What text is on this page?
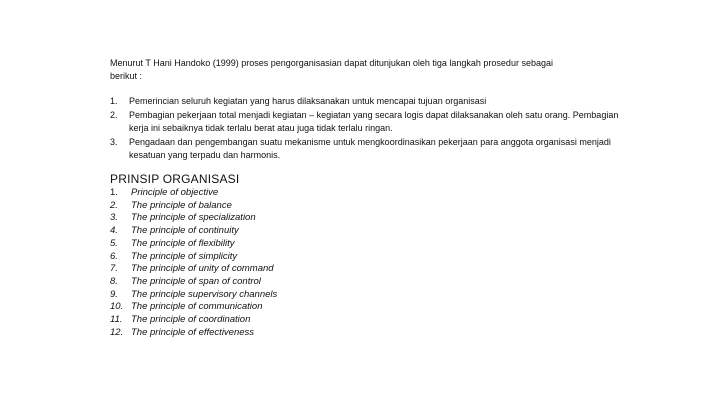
Menurut T Hani Handoko (1999) proses pengorganisasian dapat ditunjukan oleh tiga langkah prosedur sebagai
berikut :

1.	Pemerincian seluruh kegiatan yang harus dilaksanakan untuk mencapai tujuan organisasi
2.	Pembagian pekerjaan total menjadi kegiatan – kegiatan yang secara logis dapat dilaksanakan oleh satu orang. Pembagian kerja ini sebaiknya tidak terlalu berat atau juga tidak terlalu ringan.
3.	Pengadaan dan pengembangan suatu mekanisme untuk mengkoordinasikan pekerjaan para anggota organisasi menjadi kesatuan yang terpadu dan harmonis.
PRINSIP ORGANISASI
1.	Principle of objective
2.	The principle of balance
3.	The principle of specialization
4.	The principle of continuity
5.	The principle of flexibility
6.	The principle of simplicity
7.	The principle of unity of command
8.	The principle of span of control
9.	The principle supervisory channels
10. The principle of communication
11. The principle of coordination
12. The principle of effectiveness
